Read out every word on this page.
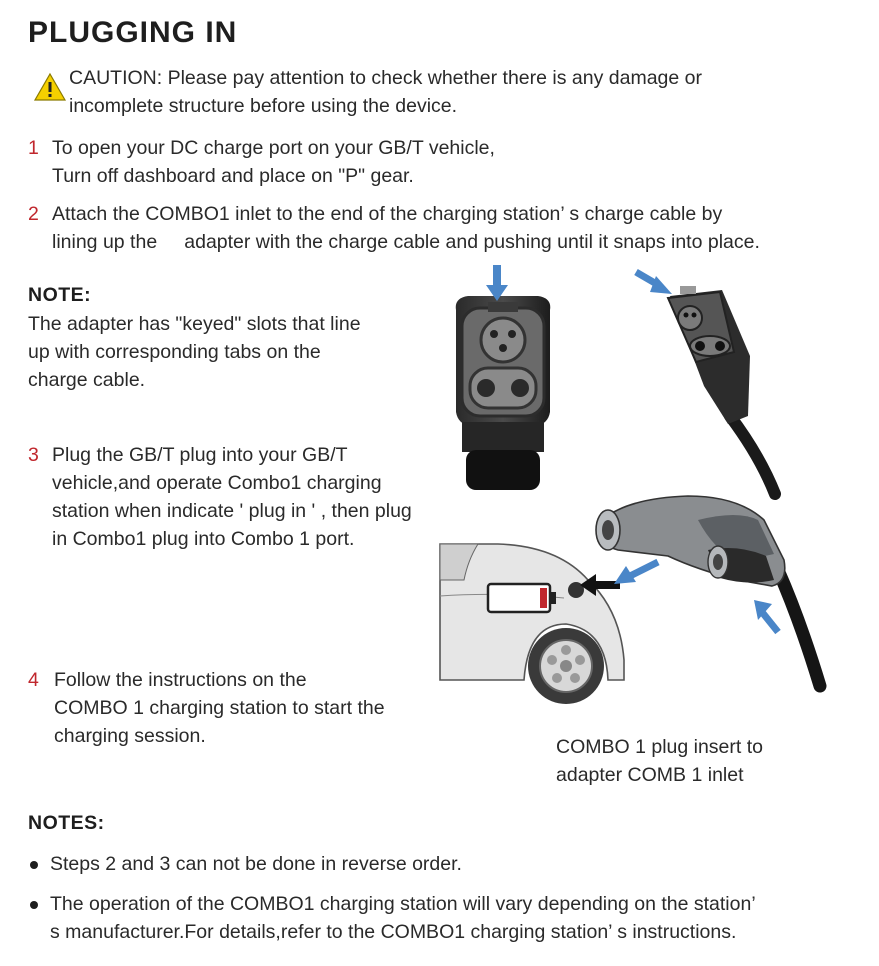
PLUGGING IN
CAUTION: Please pay attention to check whether there is any damage or
incomplete structure before using the device.
1 To open your DC charge port on your GB/T vehicle,
Turn off dashboard and place on "P" gear.
2 Attach the COMBO1 inlet to the end of the charging station’ s charge cable by
lining up the     adapter with the charge cable and pushing until it snaps into place.
NOTE:
The adapter has "keyed" slots that line
up with corresponding tabs on the
charge cable.
3 Plug the GB/T plug into your GB/T
vehicle,and operate Combo1 charging
station when indicate ' plug in ' , then plug
in Combo1 plug into Combo 1 port.
4 Follow the instructions on the
COMBO 1 charging station to start the
charging session.	COMBO 1 plug insert to
adapter COMB 1 inlet
NOTES:
Steps 2 and 3 can not be done in reverse order.
The operation of the COMBO1 charging station will vary depending on the station’
s manufacturer.For details,refer to the COMBO1 charging station’ s instructions.
